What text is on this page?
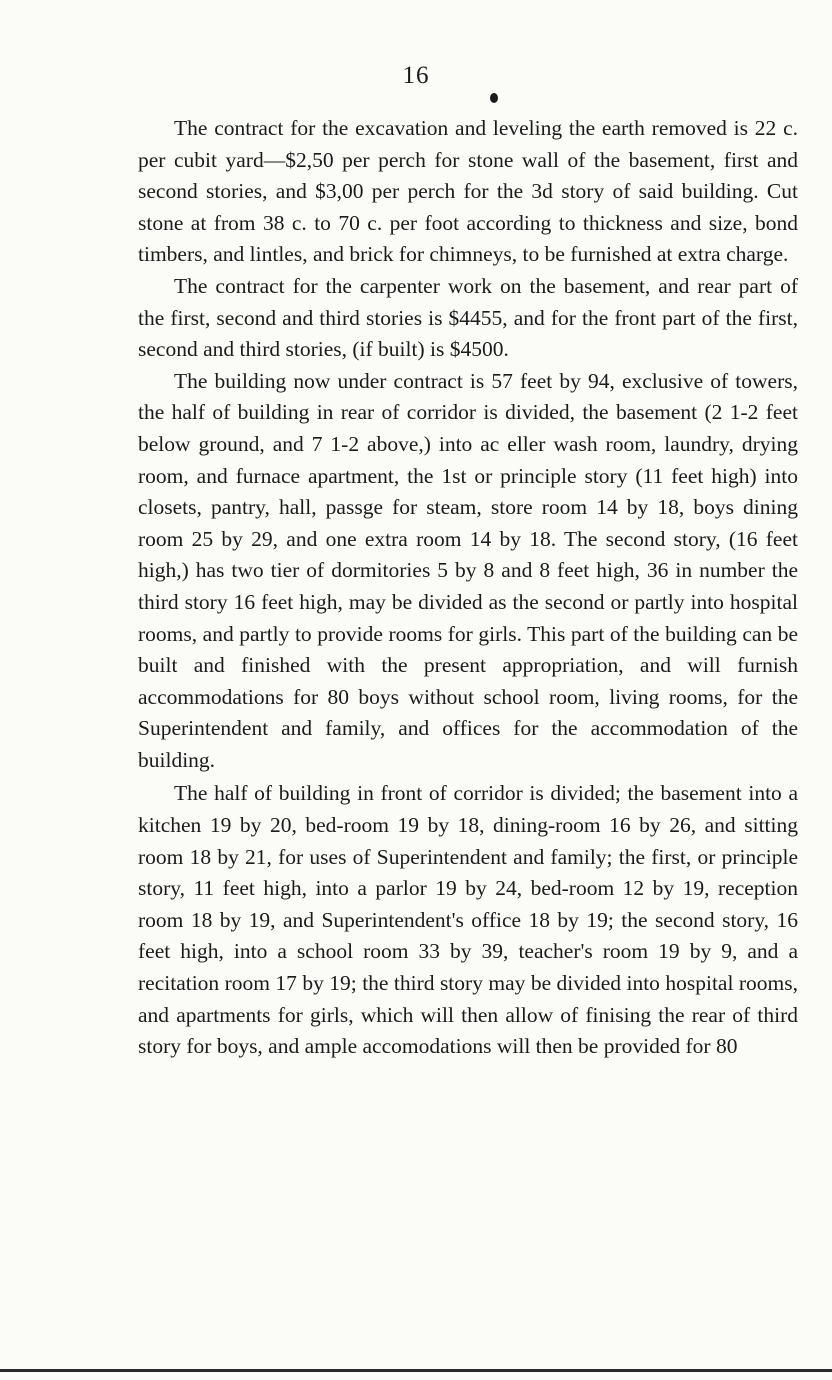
16

The contract for the excavation and leveling the earth removed is 22 c. per cubit yard—$2,50 per perch for stone wall of the basement, first and second stories, and $3,00 per perch for the 3d story of said building. Cut stone at from 38 c. to 70 c. per foot according to thickness and size, bond timbers, and lintles, and brick for chimneys, to be furnished at extra charge.

The contract for the carpenter work on the basement, and rear part of the first, second and third stories is $4455, and for the front part of the first, second and third stories, (if built) is $4500.

The building now under contract is 57 feet by 94, exclusive of towers, the half of building in rear of corridor is divided, the basement (2 1-2 feet below ground, and 7 1-2 above,) into ac eller wash room, laundry, drying room, and furnace apartment, the 1st or principle story (11 feet high) into closets, pantry, hall, passge for steam, store room 14 by 18, boys dining room 25 by 29, and one extra room 14 by 18. The second story, (16 feet high,) has two tier of dormitories 5 by 8 and 8 feet high, 36 in number the third story 16 feet high, may be divided as the second or partly into hospital rooms, and partly to provide rooms for girls. This part of the building can be built and finished with the present appropriation, and will furnish accommodations for 80 boys without school room, living rooms, for the Superintendent and family, and offices for the accommodation of the building.

The half of building in front of corridor is divided; the basement into a kitchen 19 by 20, bed-room 19 by 18, dining-room 16 by 26, and sitting room 18 by 21, for uses of Superintendent and family; the first, or principle story, 11 feet high, into a parlor 19 by 24, bed-room 12 by 19, reception room 18 by 19, and Superintendent's office 18 by 19; the second story, 16 feet high, into a school room 33 by 39, teacher's room 19 by 9, and a recitation room 17 by 19; the third story may be divided into hospital rooms, and apartments for girls, which will then allow of finising the rear of third story for boys, and ample accomodations will then be provided for 80
